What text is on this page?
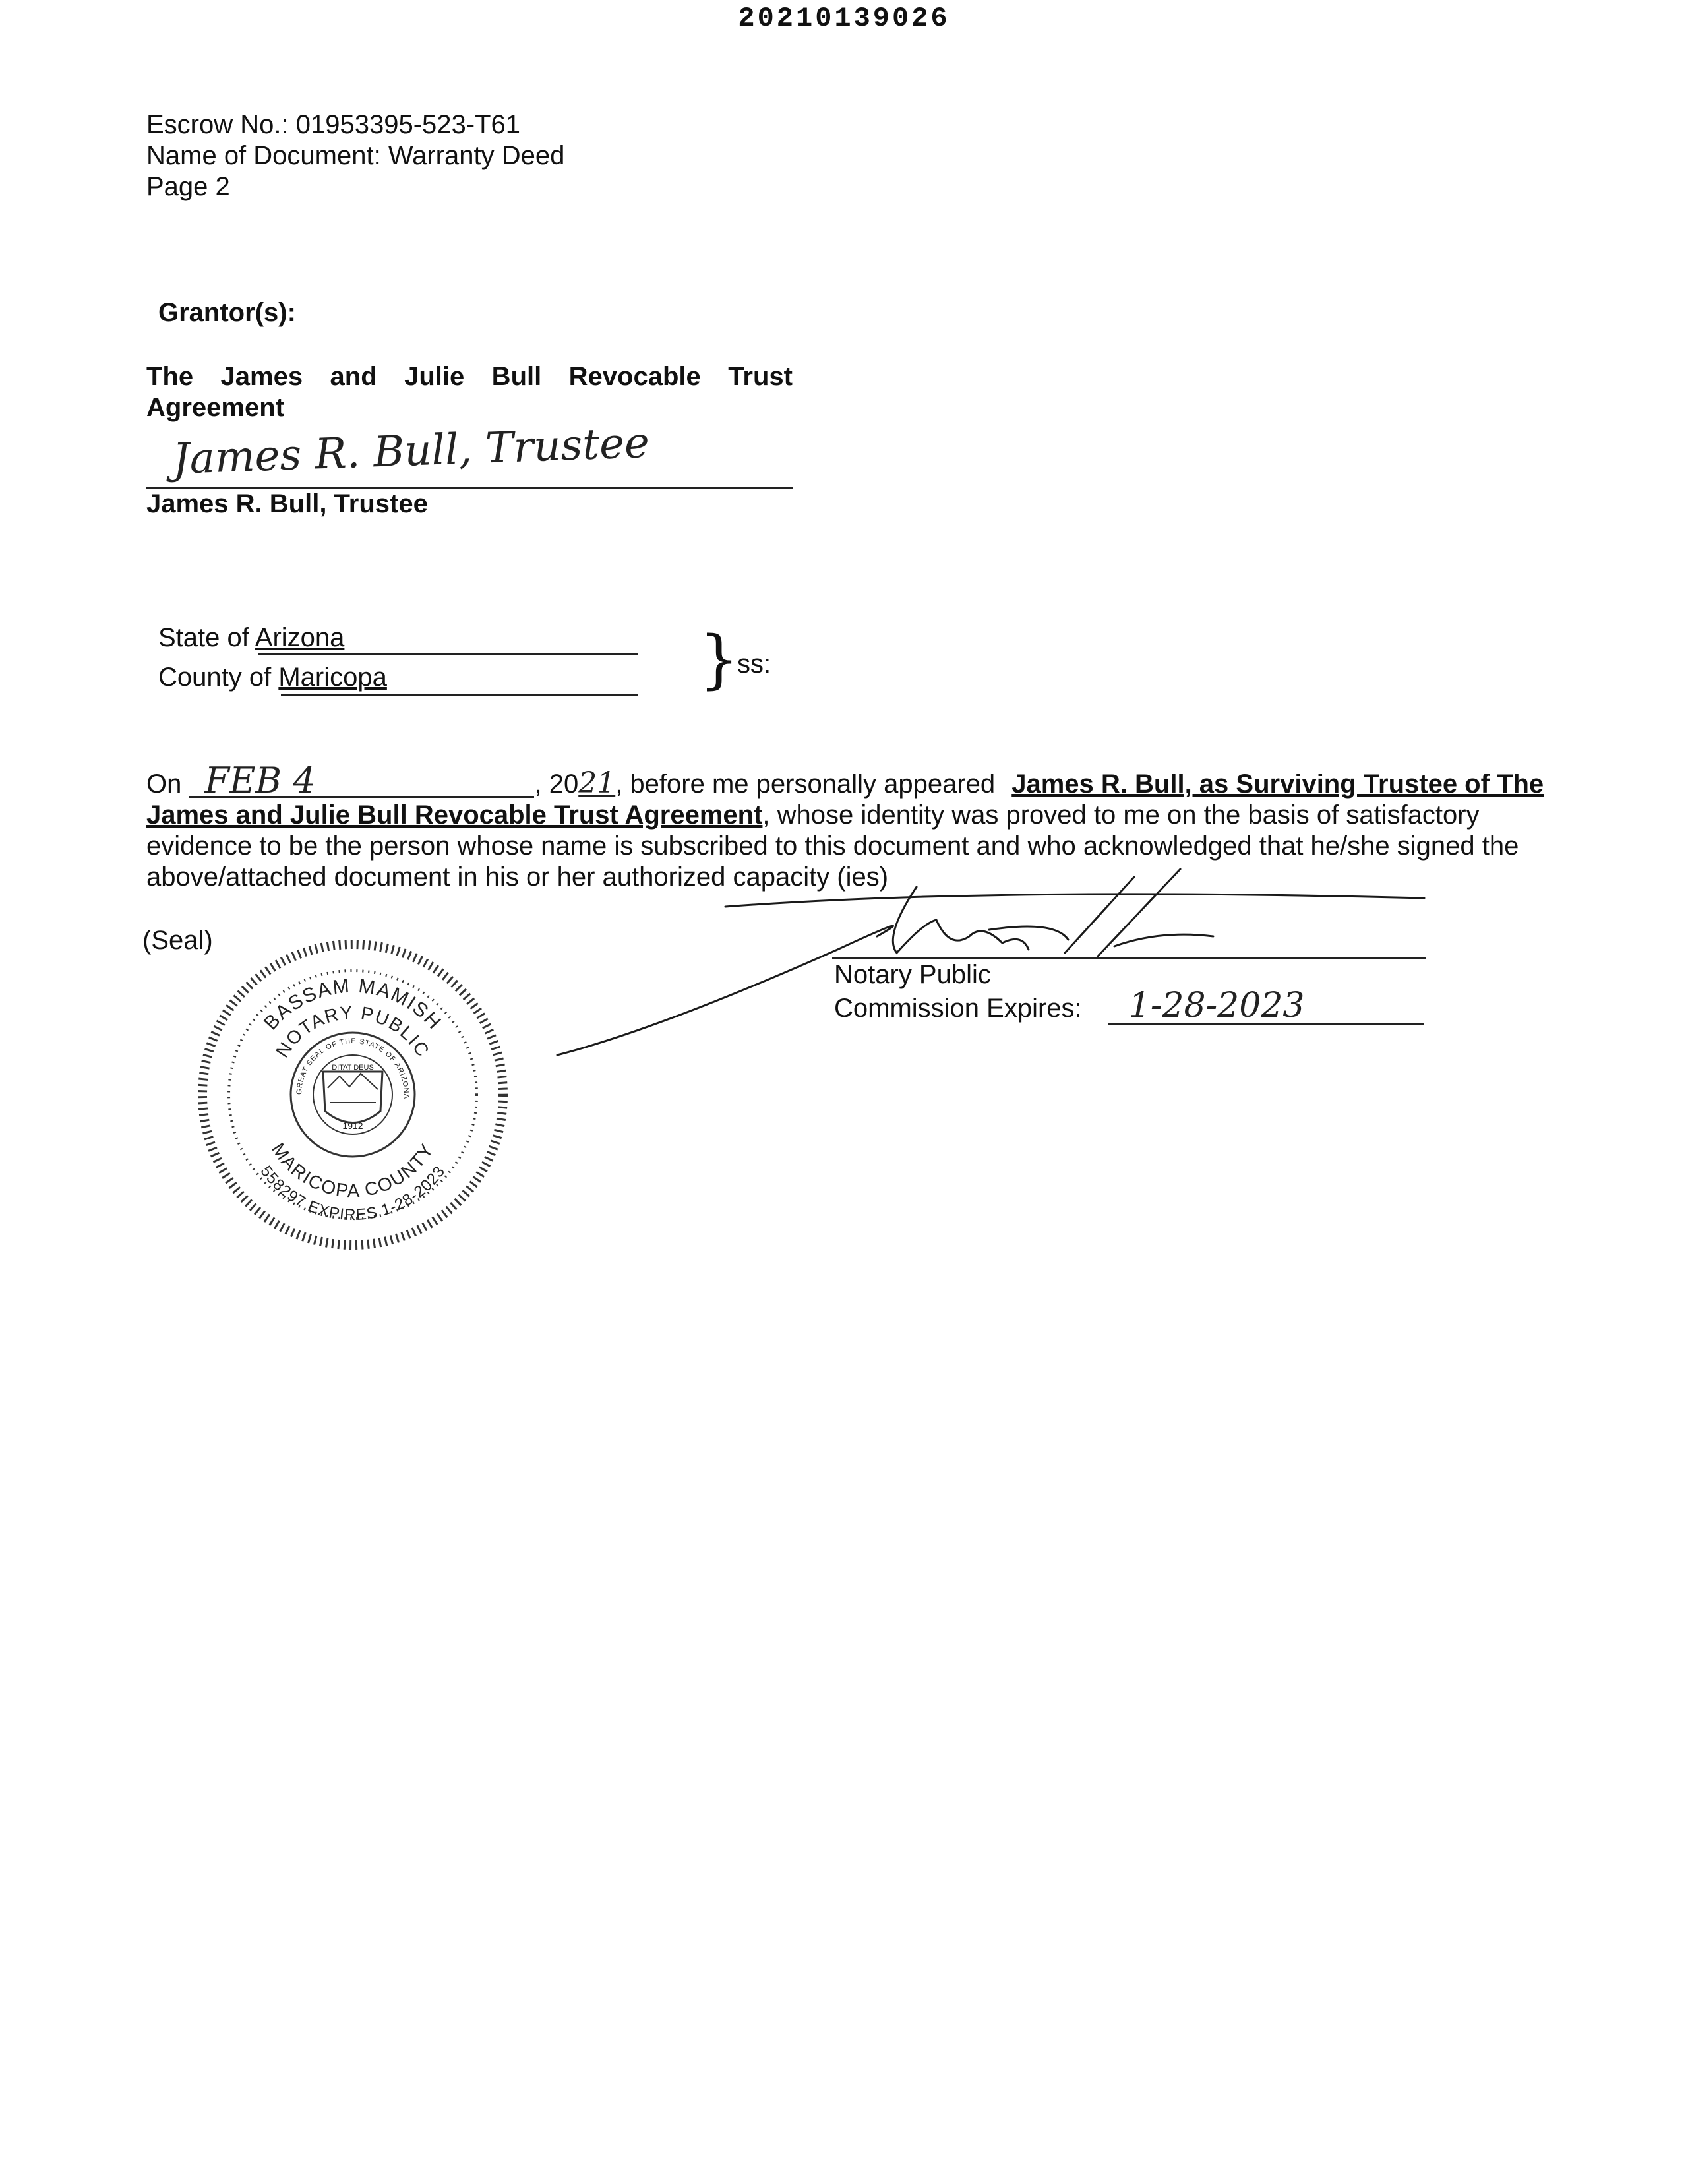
20210139026
Escrow No.: 01953395-523-T61
Name of Document: Warranty Deed
Page 2
Grantor(s):
The James and Julie Bull Revocable Trust Agreement
James R. Bull, Trustee
James R. Bull, Trustee
State of Arizona
County of Maricopa	}
ss:
On FEB 4	, 2021, before me personally appeared James R. Bull, as Surviving Trustee of The James and Julie Bull Revocable Trust Agreement, whose identity was proved to me on the basis of satisfactory evidence to be the person whose name is subscribed to this document and who acknowledged that he/she signed the above/attached document in his or her authorized capacity (ies)
(Seal)
Notary Public
Commission Expires: 1-28-2023
BASSAM MAMISH
NOTARY PUBLIC
MARICOPA COUNTY
558297 EXPIRES 1-28-2023
GREAT SEAL OF THE STATE OF ARIZONA
DITAT DEUS
1912
